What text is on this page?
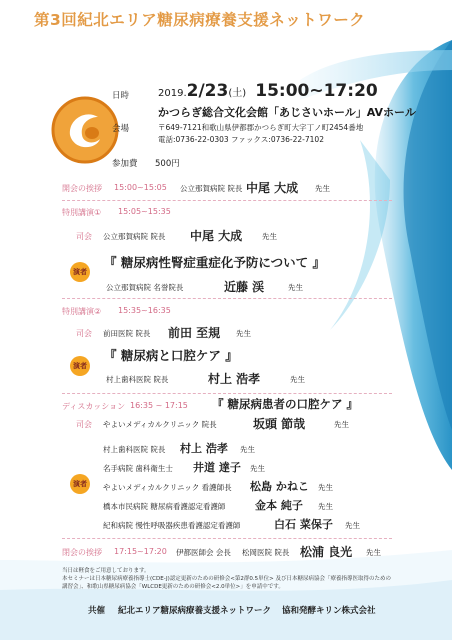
第3回紀北エリア糖尿病療養支援ネットワーク
日時	2019.2/23(土) 15:00~17:20
会場
かつらぎ総合文化会館「あじさいホール」AVホール
〒649-7121和歌山県伊都郡かつらぎ町大字丁ノ町2454番地
電話:0736-22-0303 ファックス:0736-22-7102
参加費 500円
開会の挨拶 15:00~15:05 公立那賀病院 院長 中尾 大成 先生
特別講演① 15:05~15:35
司会 公立那賀病院 院長 中尾 大成	先生
演者
『 糖尿病性腎症重症化予防について 』
公立那賀病院 名誉院長	近藤 渓	先生
特別講演② 15:35~16:35
司会 前田医院 院長 前田 至規 先生
演者
『 糖尿病と口腔ケア 』
村上歯科医院 院長	村上 浩孝	先生
ディスカッション 16:35 ~ 17:15 『 糖尿病患者の口腔ケア 』
司会 やよいメディカルクリニック 院長	坂頭 節哉	先生
演者
村上歯科医院 院長 村上 浩孝 先生
名手病院 歯科衛生士 井道 達子 先生
やよいメディカルクリニック 看護師長 松島 かねこ 先生
橋本市民病院 糖尿病看護認定看護師	金本 純子 先生
紀和病院 慢性呼吸器疾患看護認定看護師	白石 菜保子 先生
閉会の挨拶 17:15~17:20 伊都医師会 会長 松岡医院 院長 松浦 良光 先生
当日は軽食をご用意しております。
本セミナーは日本糖尿病療養指導士(CDE-J)認定更新のための研修会<第2群0.5単位> 及び日本糖尿病協会「療養指導医取得のための
講習会」、和歌山県糖尿病協会「WLCDE更新のための研修会<2.0単位>」を申請中です。
共催 紀北エリア糖尿病療養支援ネットワーク 協和発酵キリン株式会社
